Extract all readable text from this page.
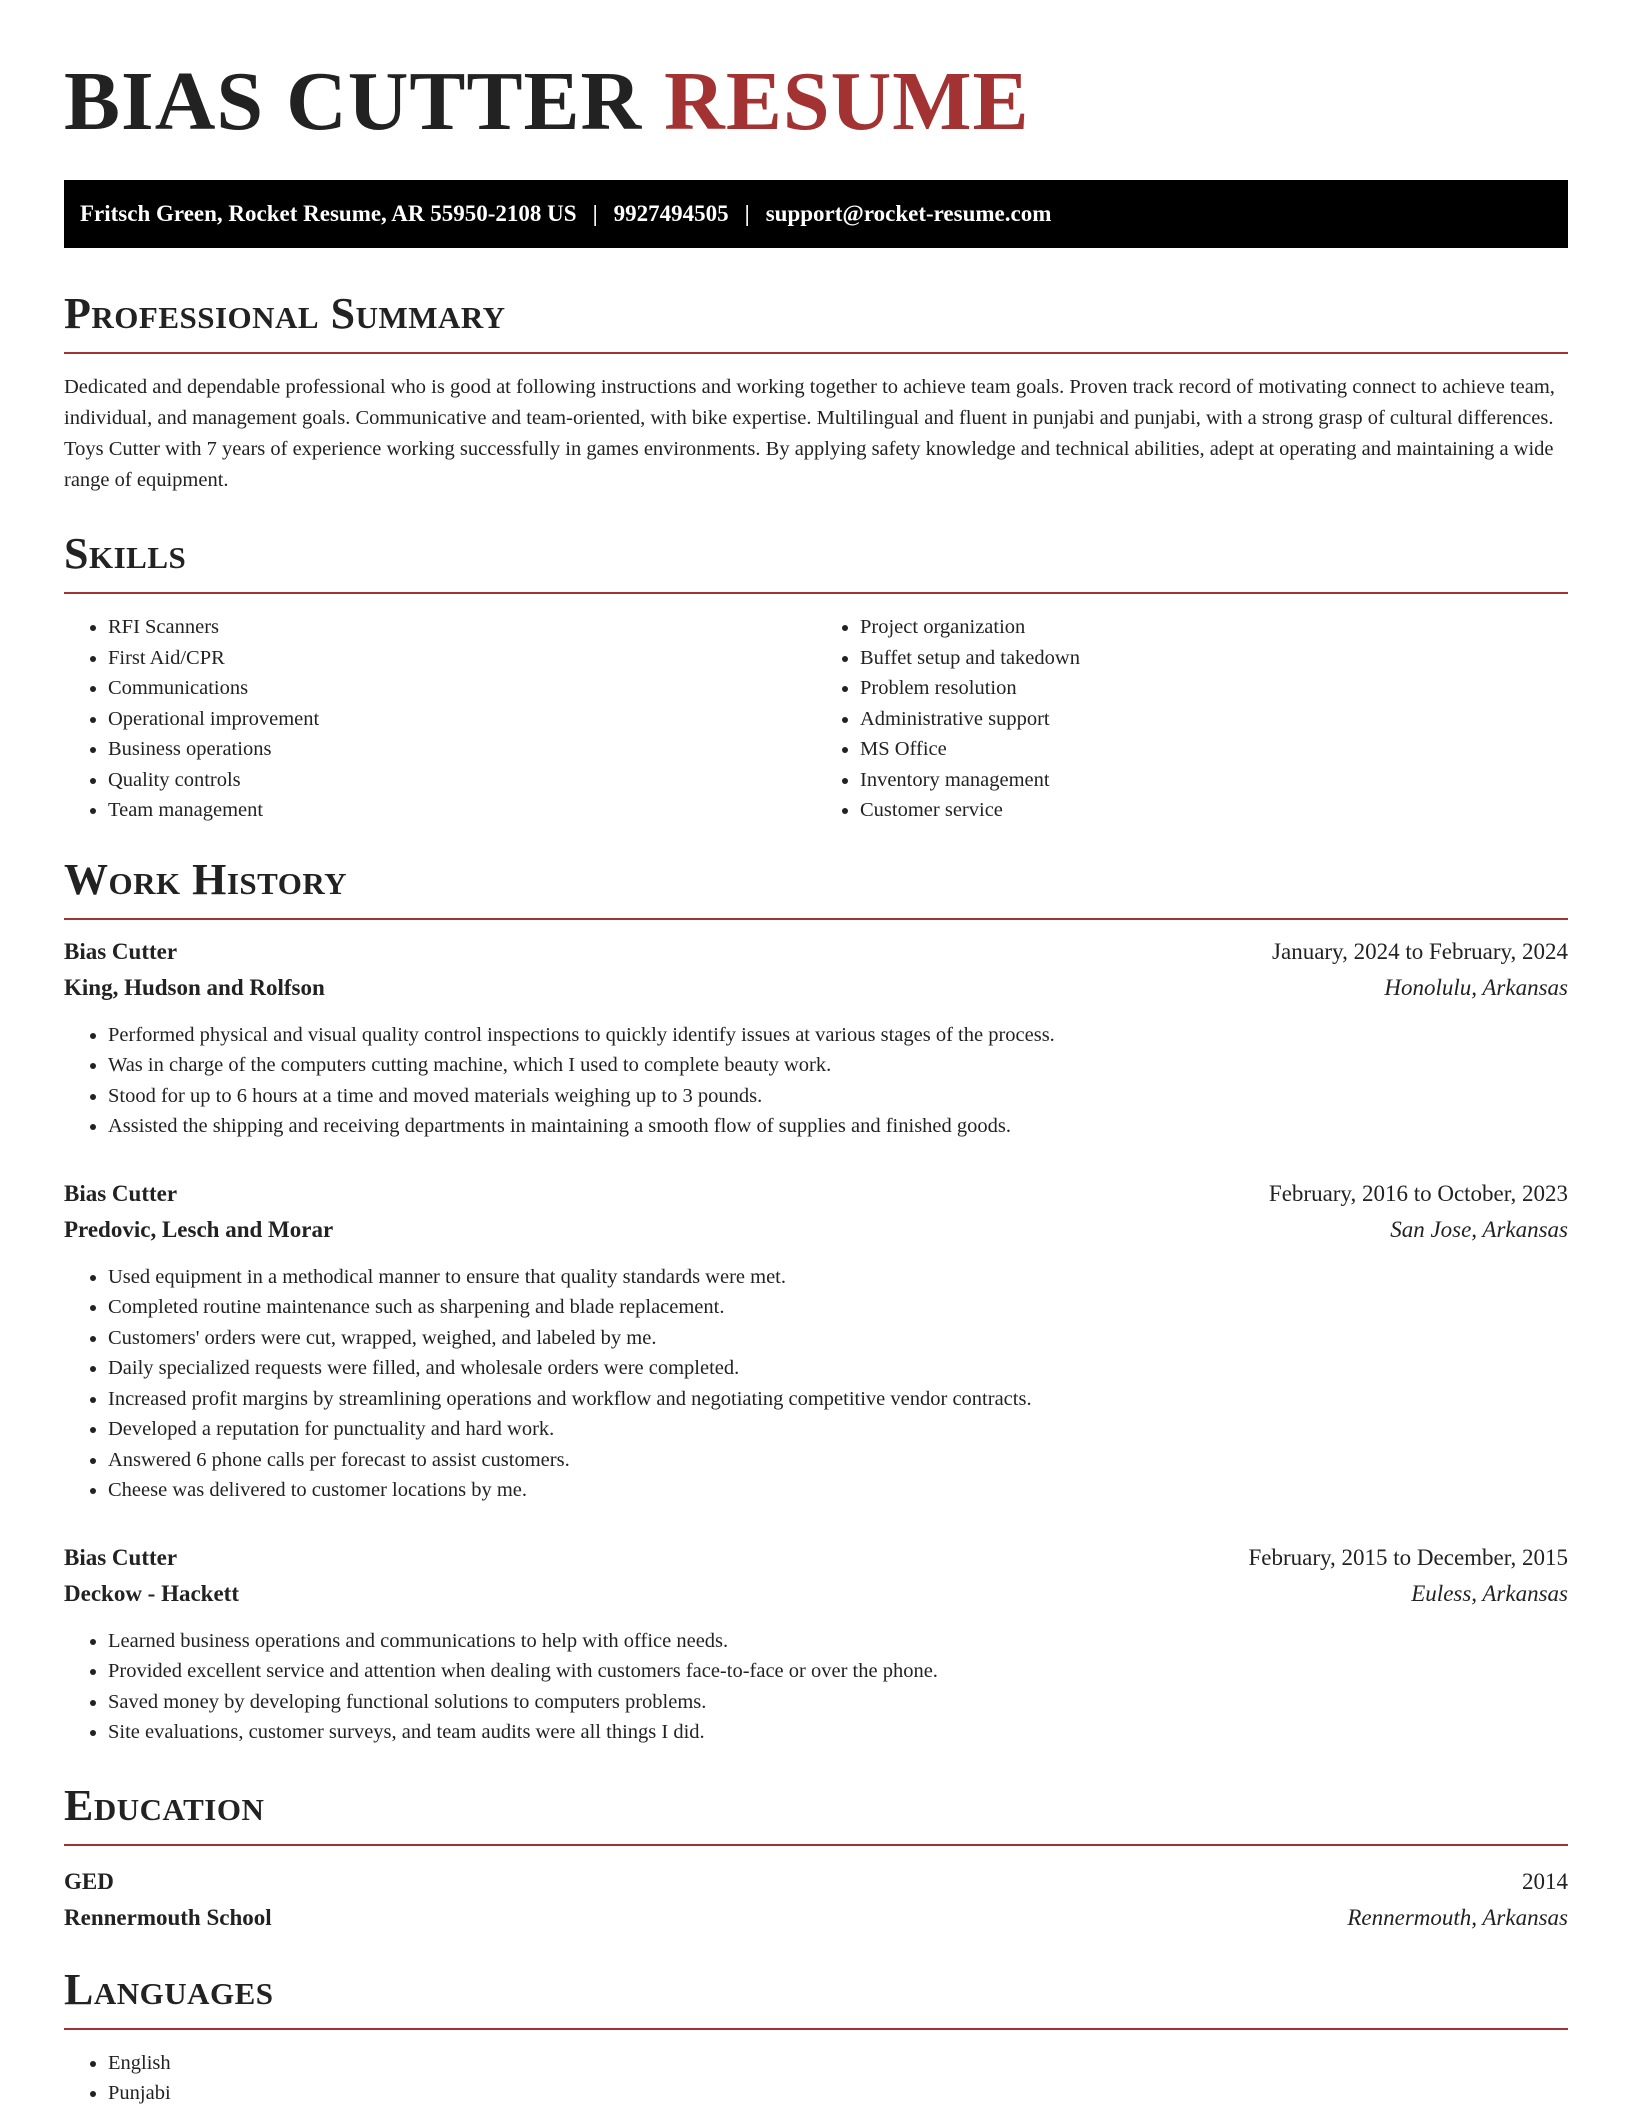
BIAS CUTTER RESUME
Fritsch Green, Rocket Resume, AR 55950-2108 US | 9927494505 | support@rocket-resume.com
Professional Summary

Dedicated and dependable professional who is good at following instructions and working together to achieve team goals. Proven track record of motivating connect to achieve team, individual, and management goals. Communicative and team-oriented, with bike expertise. Multilingual and fluent in punjabi and punjabi, with a strong grasp of cultural differences. Toys Cutter with 7 years of experience working successfully in games environments. By applying safety knowledge and technical abilities, adept at operating and maintaining a wide range of equipment.

Skills
• RFI Scanners
• First Aid/CPR
• Communications
• Operational improvement
• Business operations
• Quality controls
• Team management
• Project organization
• Buffet setup and takedown
• Problem resolution
• Administrative support
• MS Office
• Inventory management
• Customer service
Work History
Bias Cutter	January, 2024 to February, 2024
King, Hudson and Rolfson	Honolulu, Arkansas
• Performed physical and visual quality control inspections to quickly identify issues at various stages of the process.
• Was in charge of the computers cutting machine, which I used to complete beauty work.
• Stood for up to 6 hours at a time and moved materials weighing up to 3 pounds.
• Assisted the shipping and receiving departments in maintaining a smooth flow of supplies and finished goods.
Bias Cutter	February, 2016 to October, 2023
Predovic, Lesch and Morar	San Jose, Arkansas
• Used equipment in a methodical manner to ensure that quality standards were met.
• Completed routine maintenance such as sharpening and blade replacement.
• Customers' orders were cut, wrapped, weighed, and labeled by me.
• Daily specialized requests were filled, and wholesale orders were completed.
• Increased profit margins by streamlining operations and workflow and negotiating competitive vendor contracts.
• Developed a reputation for punctuality and hard work.
• Answered 6 phone calls per forecast to assist customers.
• Cheese was delivered to customer locations by me.
Bias Cutter	February, 2015 to December, 2015
Deckow - Hackett	Euless, Arkansas
• Learned business operations and communications to help with office needs.
• Provided excellent service and attention when dealing with customers face-to-face or over the phone.
• Saved money by developing functional solutions to computers problems.
• Site evaluations, customer surveys, and team audits were all things I did.
Education
GED	2014
Rennermouth School	Rennermouth, Arkansas
Languages
• English
• Punjabi
